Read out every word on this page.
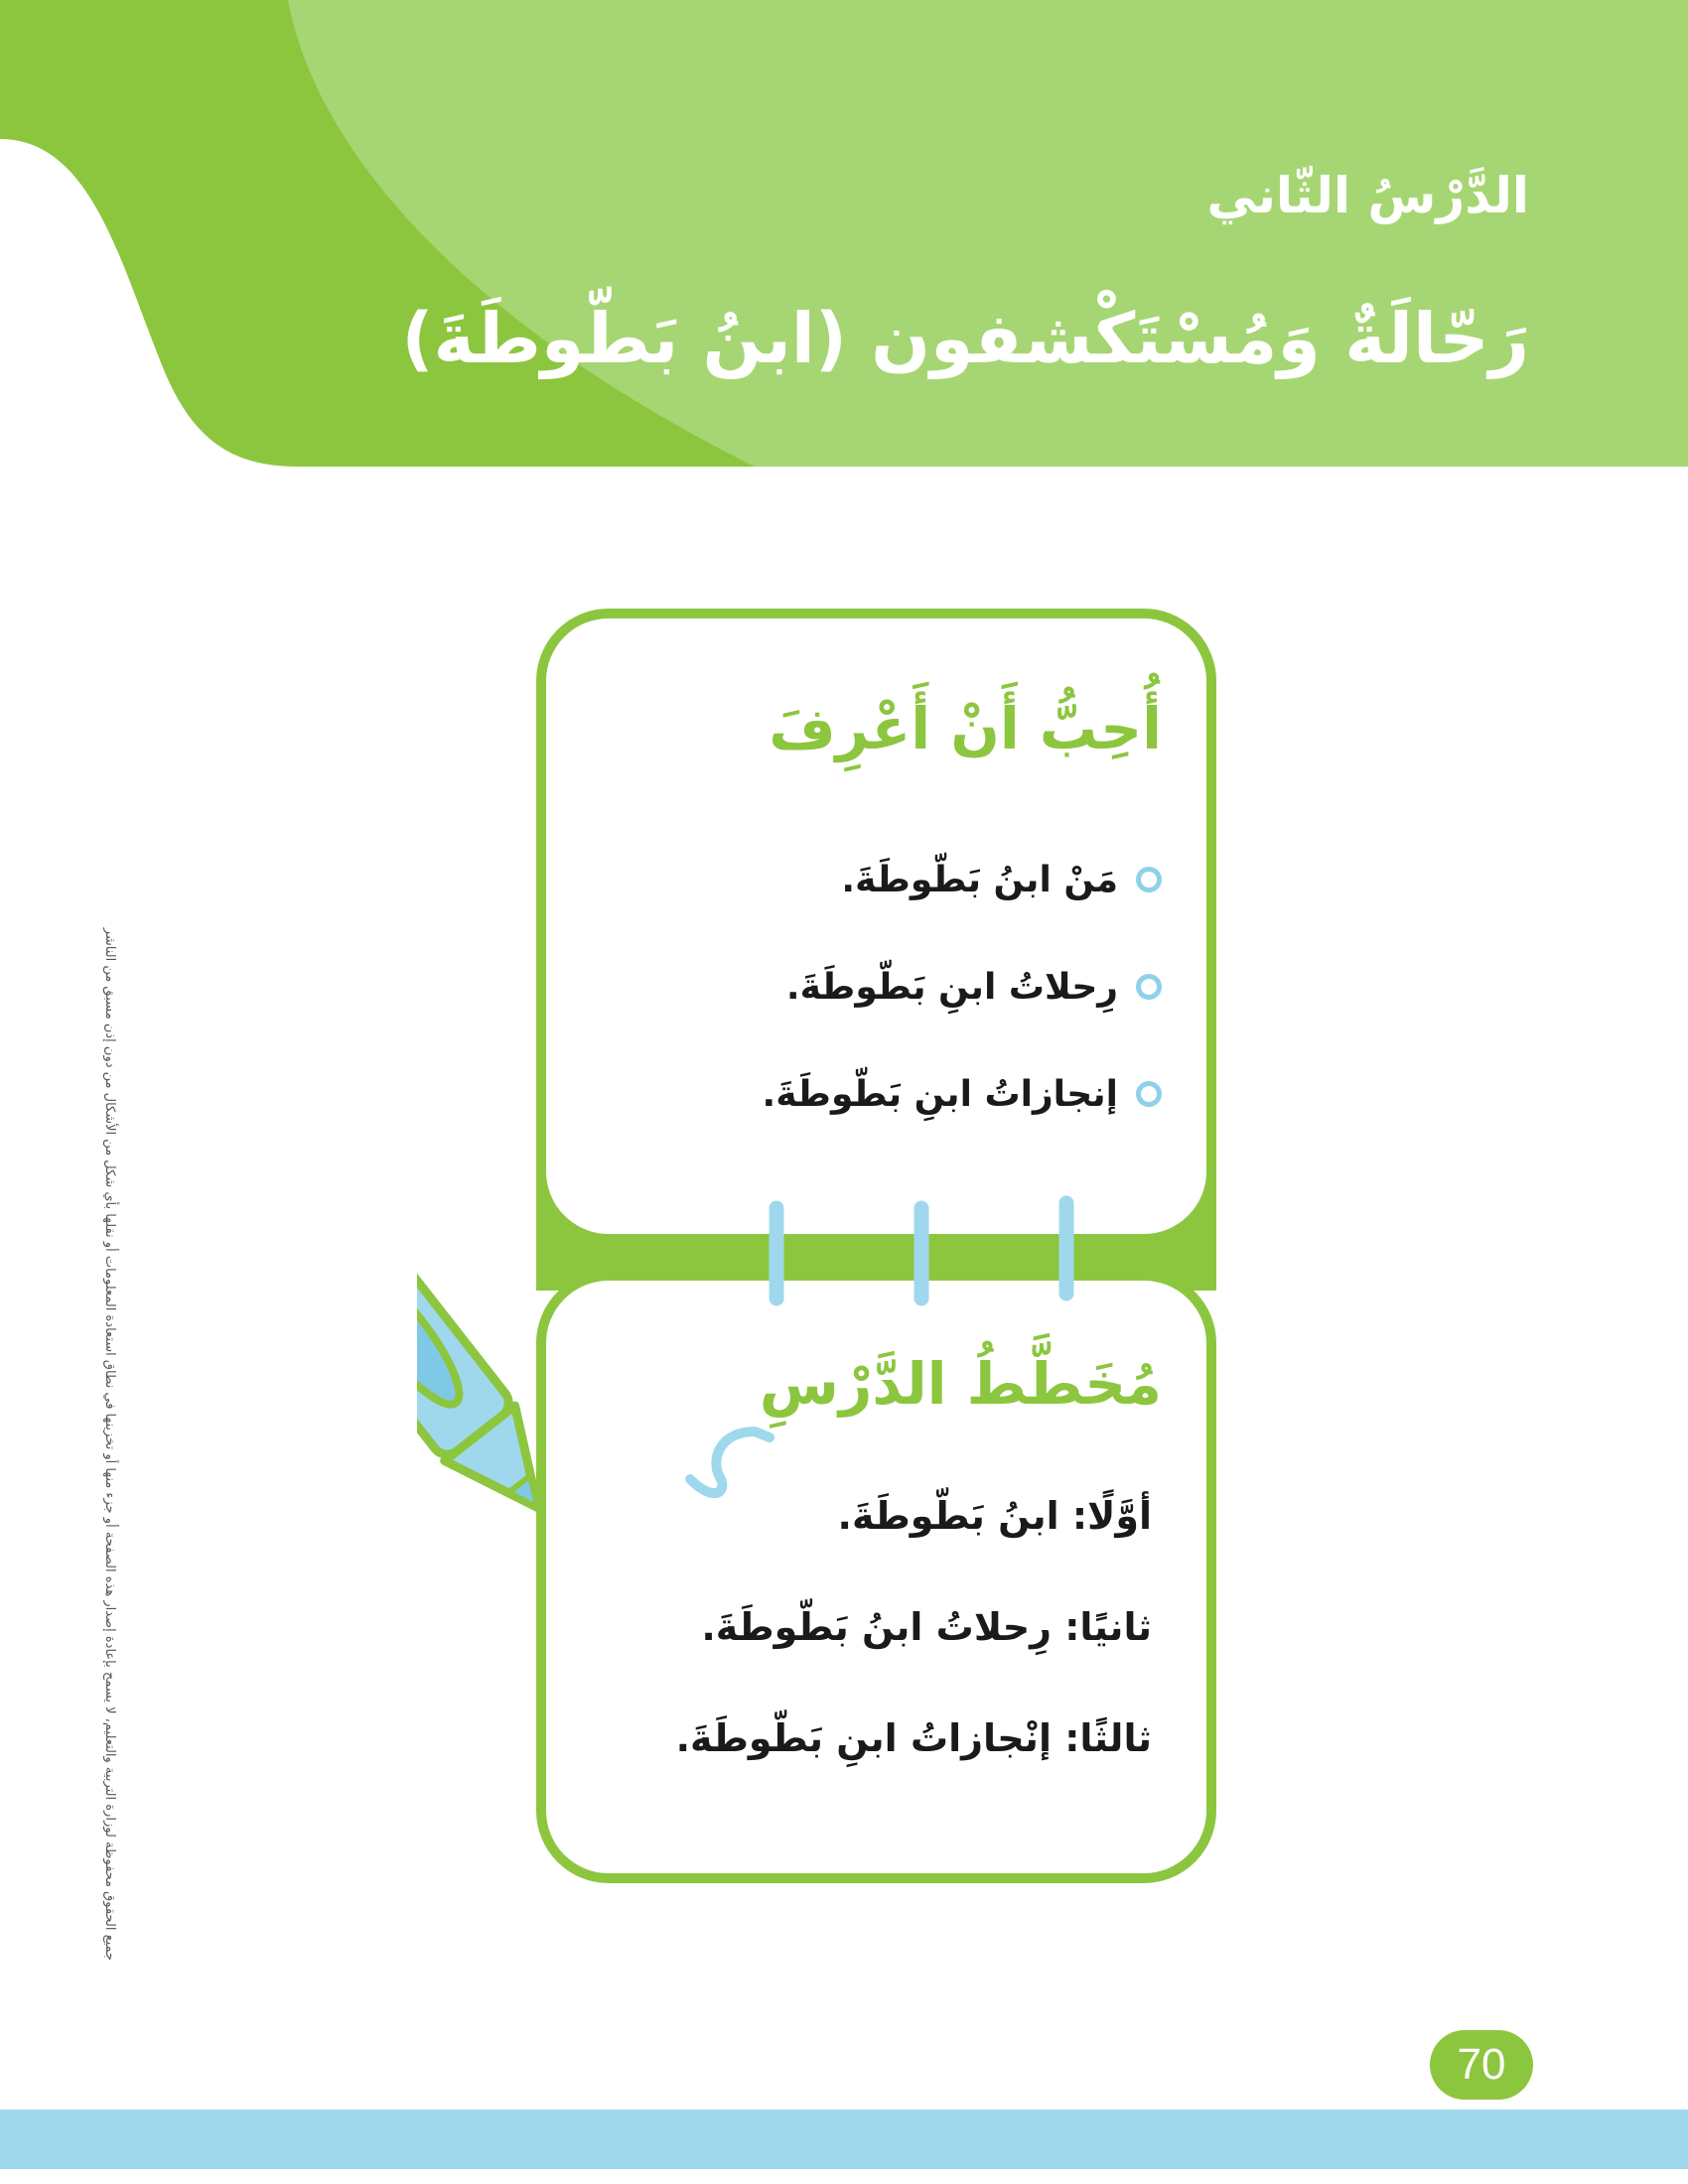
الدَّرْسُ الثّاني
رَحّالَةٌ وَمُسْتَكْشفون (ابنُ بَطّوطَةَ)
أُحِبُّ أَنْ أَعْرِفَ
مَنْ ابنُ بَطّوطَةَ.
رِحلاتُ ابنِ بَطّوطَةَ.
إنجازاتُ ابنِ بَطّوطَةَ.
مُخَطَّطُ الدَّرْسِ
أوَّلًا: ابنُ بَطّوطَةَ.
ثانيًا: رِحلاتُ ابنُ بَطّوطَةَ.
ثالثًا: إنْجازاتُ ابنِ بَطّوطَةَ.
جميع الحقوق محفوظة لوزارة التربية والتعليم، لا يسمح بإعادة إصدار هذه الصفحة أو جزء منها أو تخزينها في نطاق استعادة المعلومات أو نقلها بأي شكل من الأشكال من دون إذن مسبق من الناشر
70
